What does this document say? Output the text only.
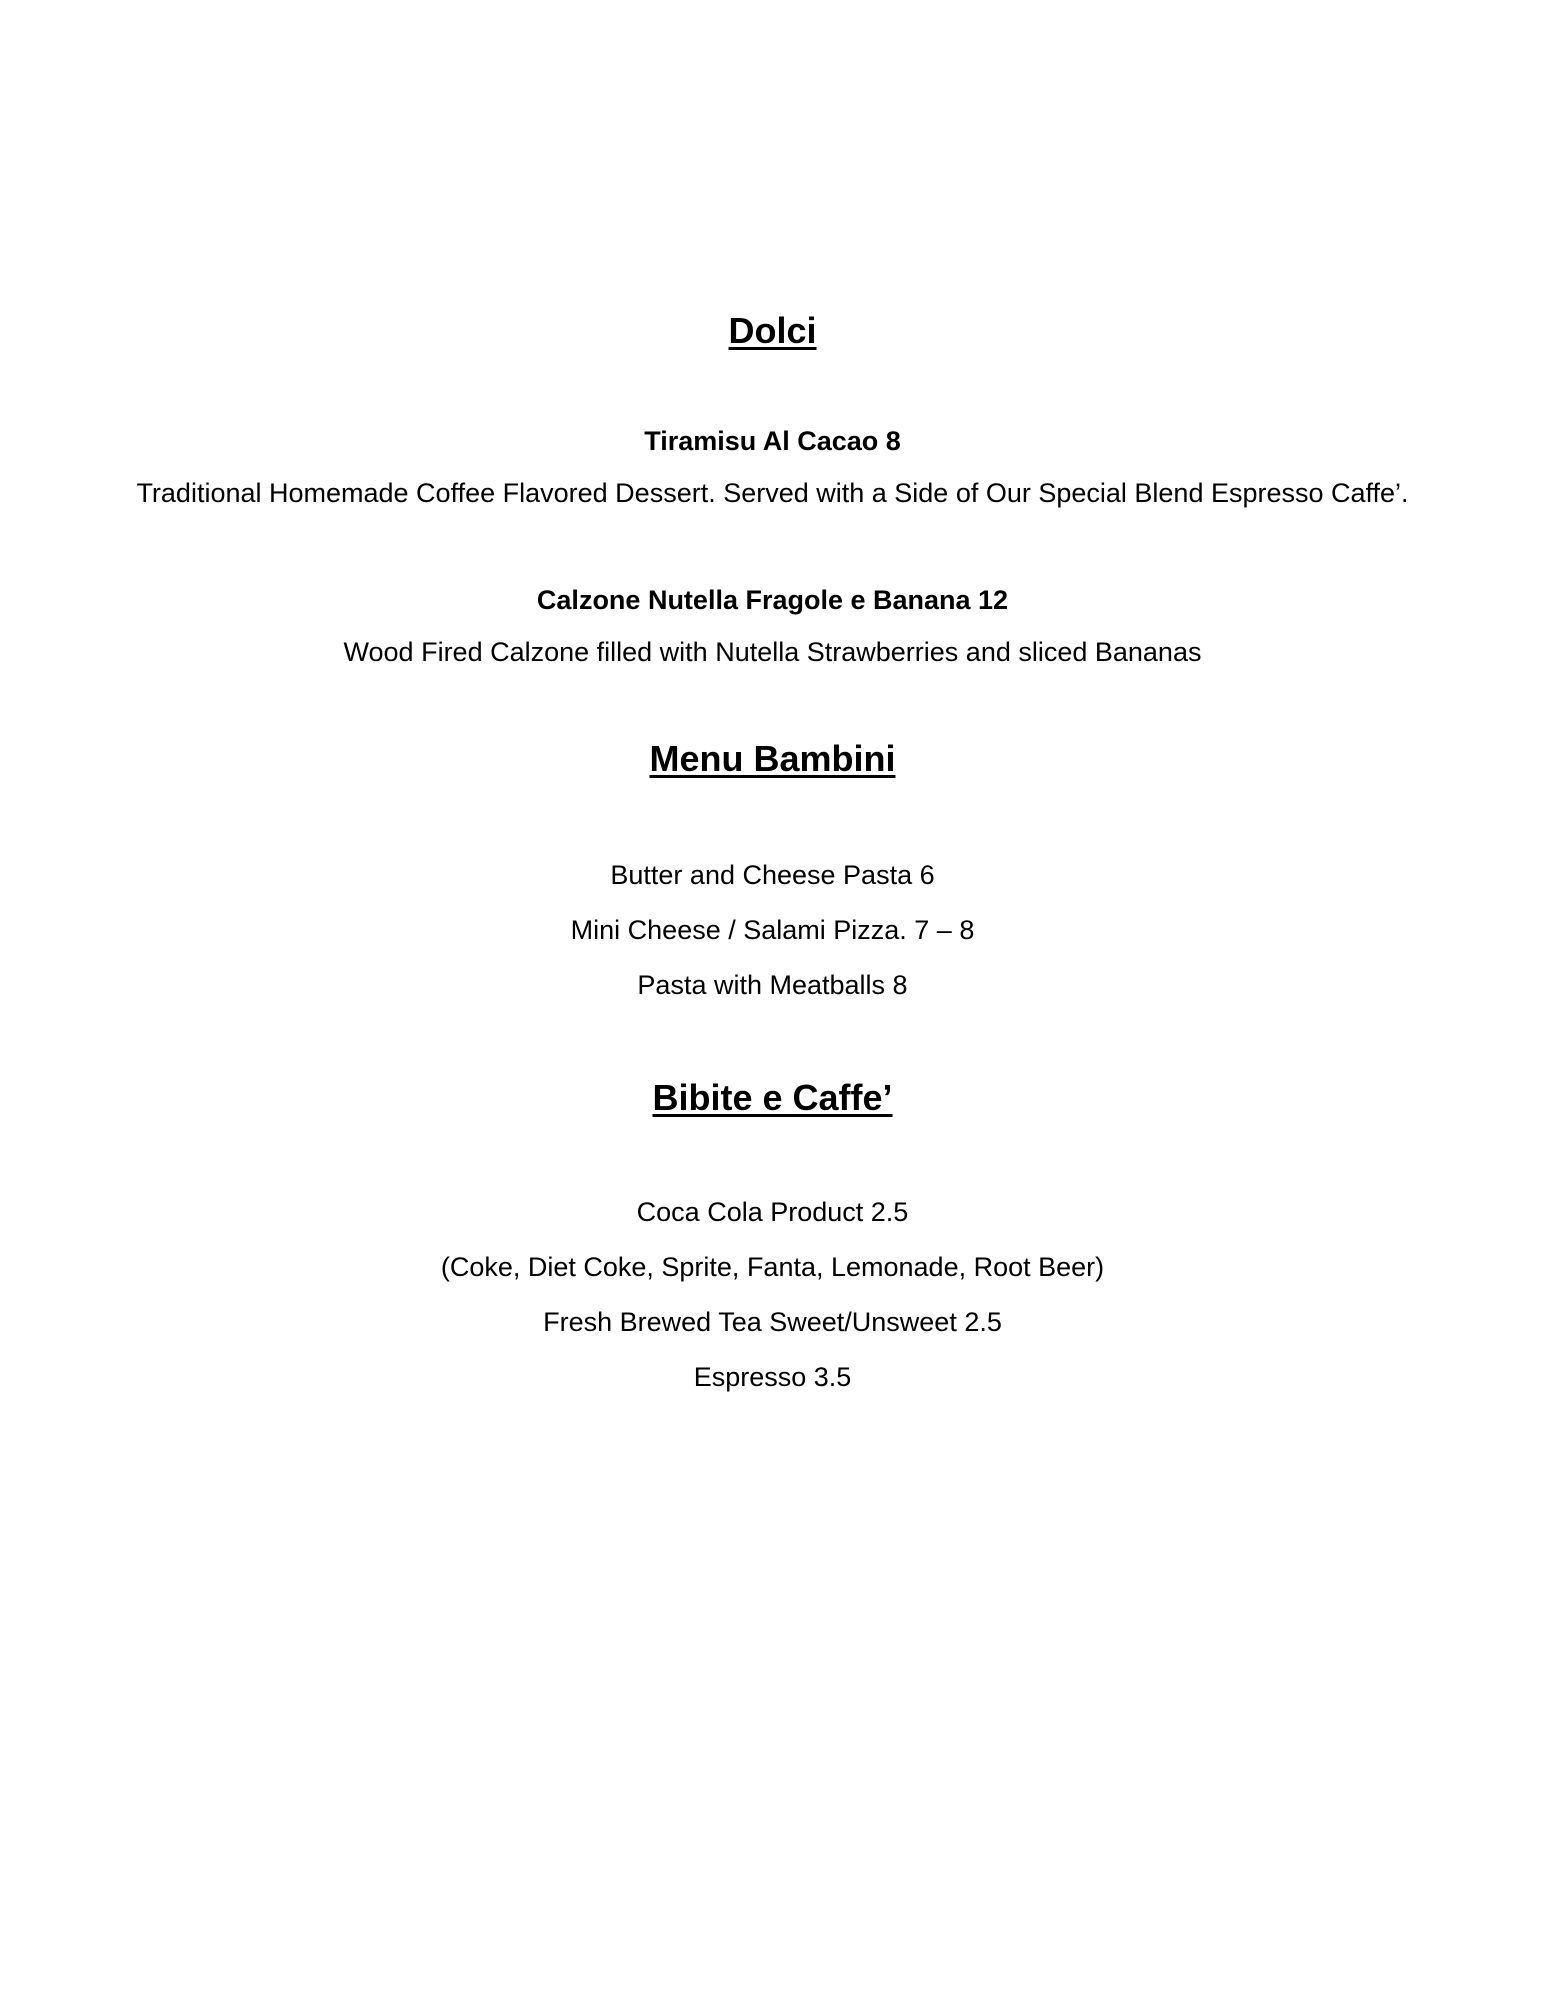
Dolci
Tiramisu Al Cacao 8
Traditional Homemade Coffee Flavored Dessert. Served with a Side of Our Special Blend Espresso Caffe’.
Calzone Nutella Fragole e Banana 12
Wood Fired Calzone filled with Nutella Strawberries and sliced Bananas
Menu Bambini
Butter and Cheese Pasta 6
Mini Cheese / Salami Pizza. 7 – 8
Pasta with Meatballs 8
Bibite e Caffe’
Coca Cola Product 2.5
(Coke, Diet Coke, Sprite, Fanta, Lemonade, Root Beer)
Fresh Brewed Tea Sweet/Unsweet 2.5
Espresso 3.5
